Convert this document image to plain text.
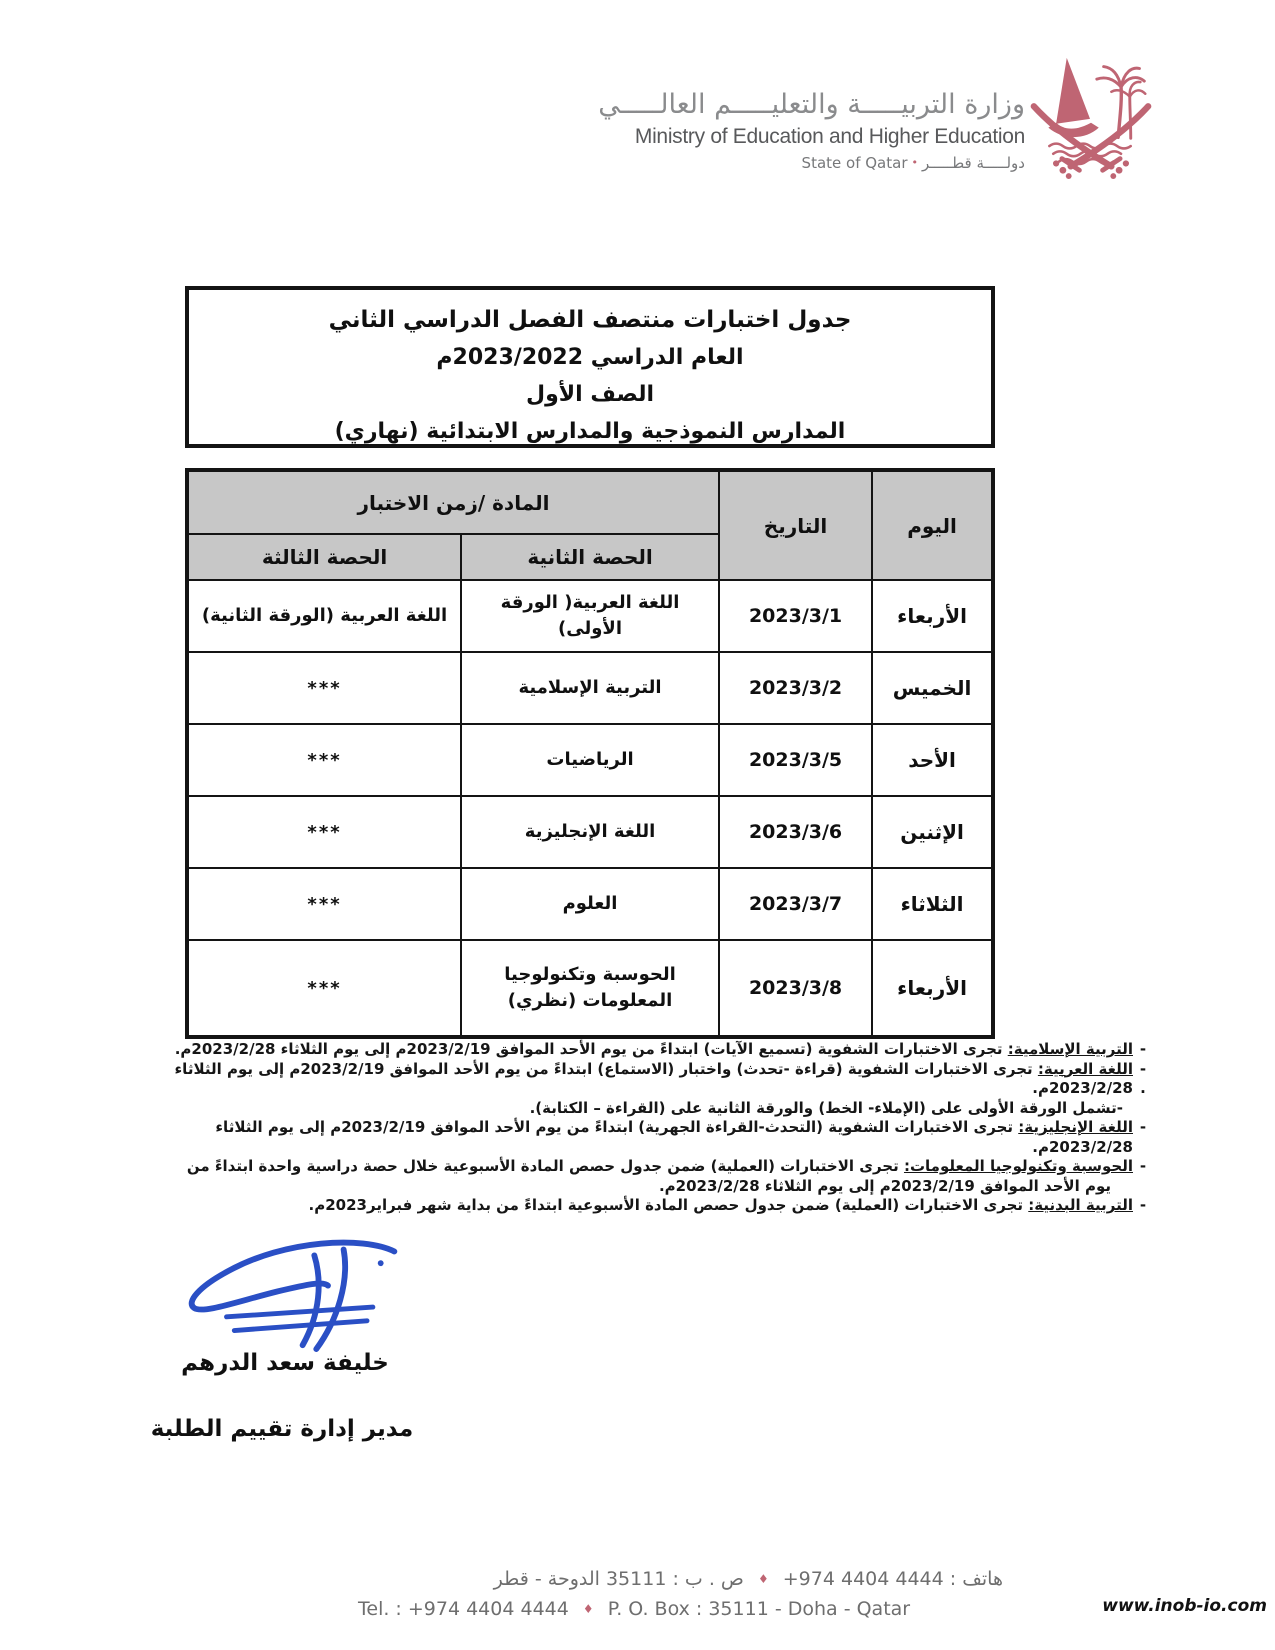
وزارة التربيـــــة والتعليـــــم العالـــــي
Ministry of Education and Higher Education
دولـــــة قطـــــر•State of Qatar
جدول اختبارات منتصف الفصل الدراسي الثاني
العام الدراسي 2023/2022م
الصف الأول
المدارس النموذجية والمدارس الابتدائية (نهاري)
اليوم	التاريخ	المادة /زمن الاختبار	
		الحصة الثانية	الحصة الثالثة
الأربعاء	2023/3/1	اللغة العربية( الورقة الأولى)	اللغة العربية (الورقة الثانية)
الخميس	2023/3/2	التربية الإسلامية	***
الأحد	2023/3/5	الرياضيات	***
الإثنين	2023/3/6	اللغة الإنجليزية	***
الثلاثاء	2023/3/7	العلوم	***
الأربعاء	2023/3/8	الحوسبة وتكنولوجيا المعلومات (نظري)	***
-
التربية الإسلامية: تجرى الاختبارات الشفوية (تسميع الآيات) ابتداءً من يوم الأحد الموافق 2023/2/19م إلى يوم الثلاثاء 2023/2/28م.
-
اللغة العربية: تجرى الاختبارات الشفوية (قراءة -تحدث) واختبار (الاستماع) ابتداءً من يوم الأحد الموافق 2023/2/19م إلى يوم الثلاثاء
.
2023/2/28م.
-تشمل الورقة الأولى على (الإملاء- الخط) والورقة الثانية على (القراءة – الكتابة).
-
اللغة الإنجليزية: تجرى الاختبارات الشفوية (التحدث-القراءة الجهرية) ابتداءً من يوم الأحد الموافق 2023/2/19م إلى يوم الثلاثاء 2023/2/28م.
-
الحوسبة وتكنولوجيا المعلومات: تجرى الاختبارات (العملية) ضمن جدول حصص المادة الأسبوعية خلال حصة دراسية واحدة ابتداءً من
يوم الأحد الموافق 2023/2/19م إلى يوم الثلاثاء 2023/2/28م.
-
التربية البدنية: تجرى الاختبارات (العملية) ضمن جدول حصص المادة الأسبوعية ابتداءً من بداية شهر فبراير2023م.
خليفة سعد الدرهم
مدير إدارة تقييم الطلبة
هاتف : +974 4404 4444 ♦ ص . ب : 35111 الدوحة - قطر
Tel. : +974 4404 4444 ♦ P. O. Box : 35111 - Doha - Qatar	www.inob-io.com
